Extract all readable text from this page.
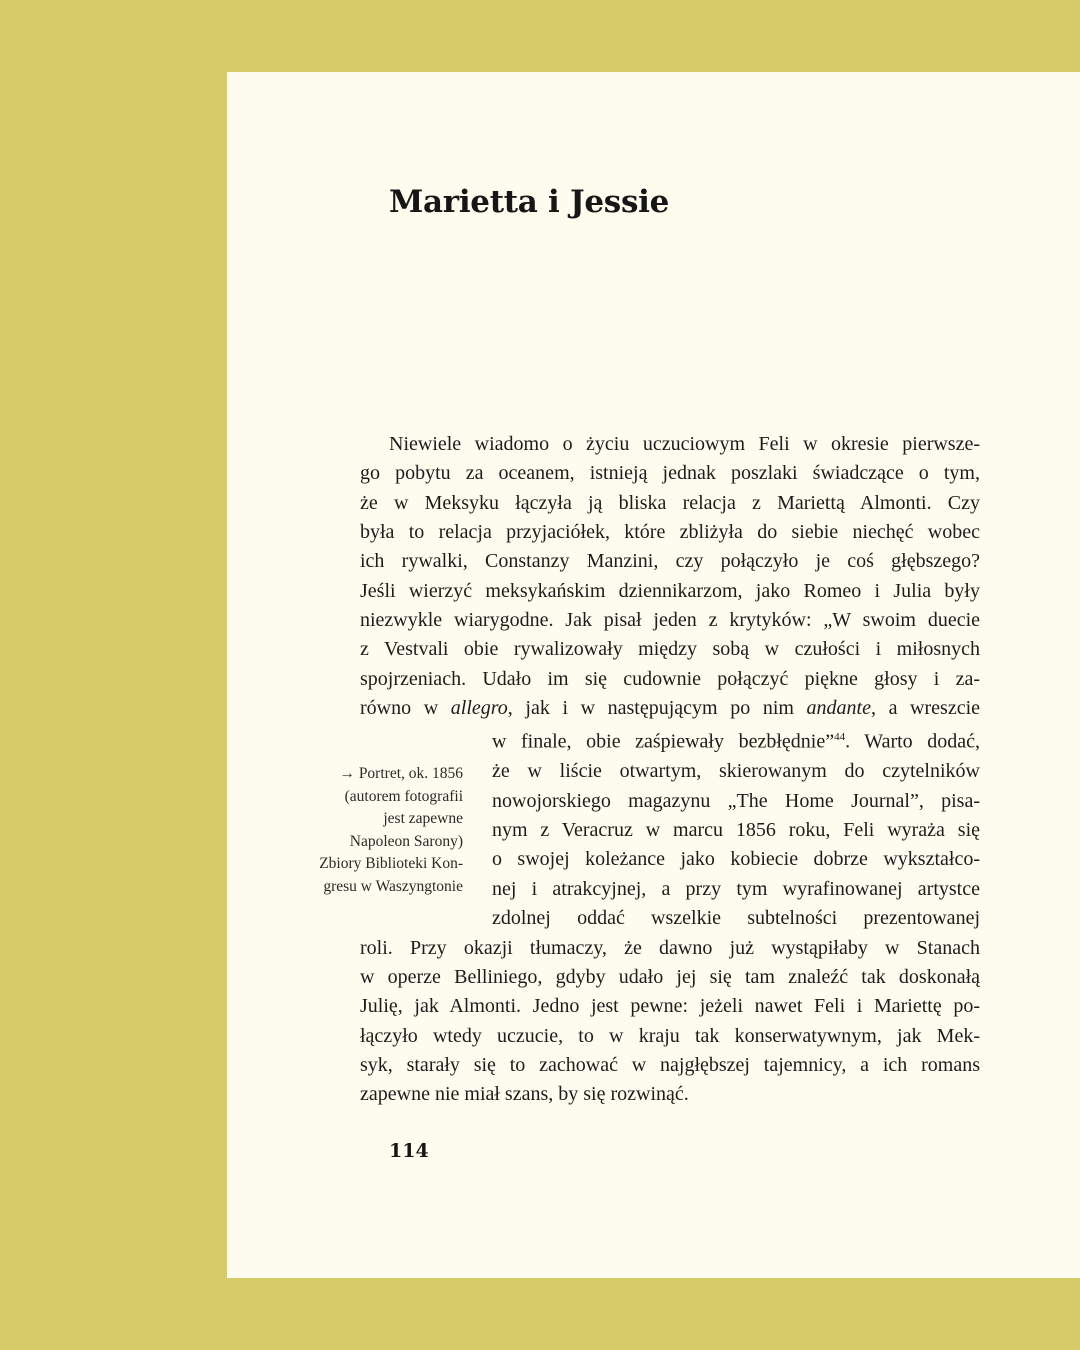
Marietta i Jessie
Niewiele wiadomo o życiu uczuciowym Feli w okresie pierwsze-
go pobytu za oceanem, istnieją jednak poszlaki świadczące o tym,
że w Meksyku łączyła ją bliska relacja z Mariettą Almonti. Czy
była to relacja przyjaciółek, które zbliżyła do siebie niechęć wobec
ich rywalki, Constanzy Manzini, czy połączyło je coś głębszego?
Jeśli wierzyć meksykańskim dziennikarzom, jako Romeo i Julia były
niezwykle wiarygodne. Jak pisał jeden z krytyków: „W swoim duecie
z Vestvali obie rywalizowały między sobą w czułości i miłosnych
spojrzeniach. Udało im się cudownie połączyć piękne głosy i za-
równo w allegro, jak i w następującym po nim andante, a wreszcie
w finale, obie zaśpiewały bezbłędnie”$^{44}$. Warto dodać,
że w liście otwartym, skierowanym do czytelników
nowojorskiego magazynu „The Home Journal”, pisa-
nym z Veracruz w marcu 1856 roku, Feli wyraża się
o swojej koleżance jako kobiecie dobrze wykształco-
nej i atrakcyjnej, a przy tym wyrafinowanej artystce
zdolnej oddać wszelkie subtelności prezentowanej
roli. Przy okazji tłumaczy, że dawno już wystąpiłaby w Stanach
w operze Belliniego, gdyby udało jej się tam znaleźć tak doskonałą
Julię, jak Almonti. Jedno jest pewne: jeżeli nawet Feli i Mariettę po-
łączyło wtedy uczucie, to w kraju tak konserwatywnym, jak Mek-
syk, starały się to zachować w najgłębszej tajemnicy, a ich romans
zapewne nie miał szans, by się rozwinąć.
→ Portret, ok. 1856
(autorem fotografii
jest zapewne
Napoleon Sarony)
Zbiory Biblioteki Kon-
gresu w Waszyngtonie
114
